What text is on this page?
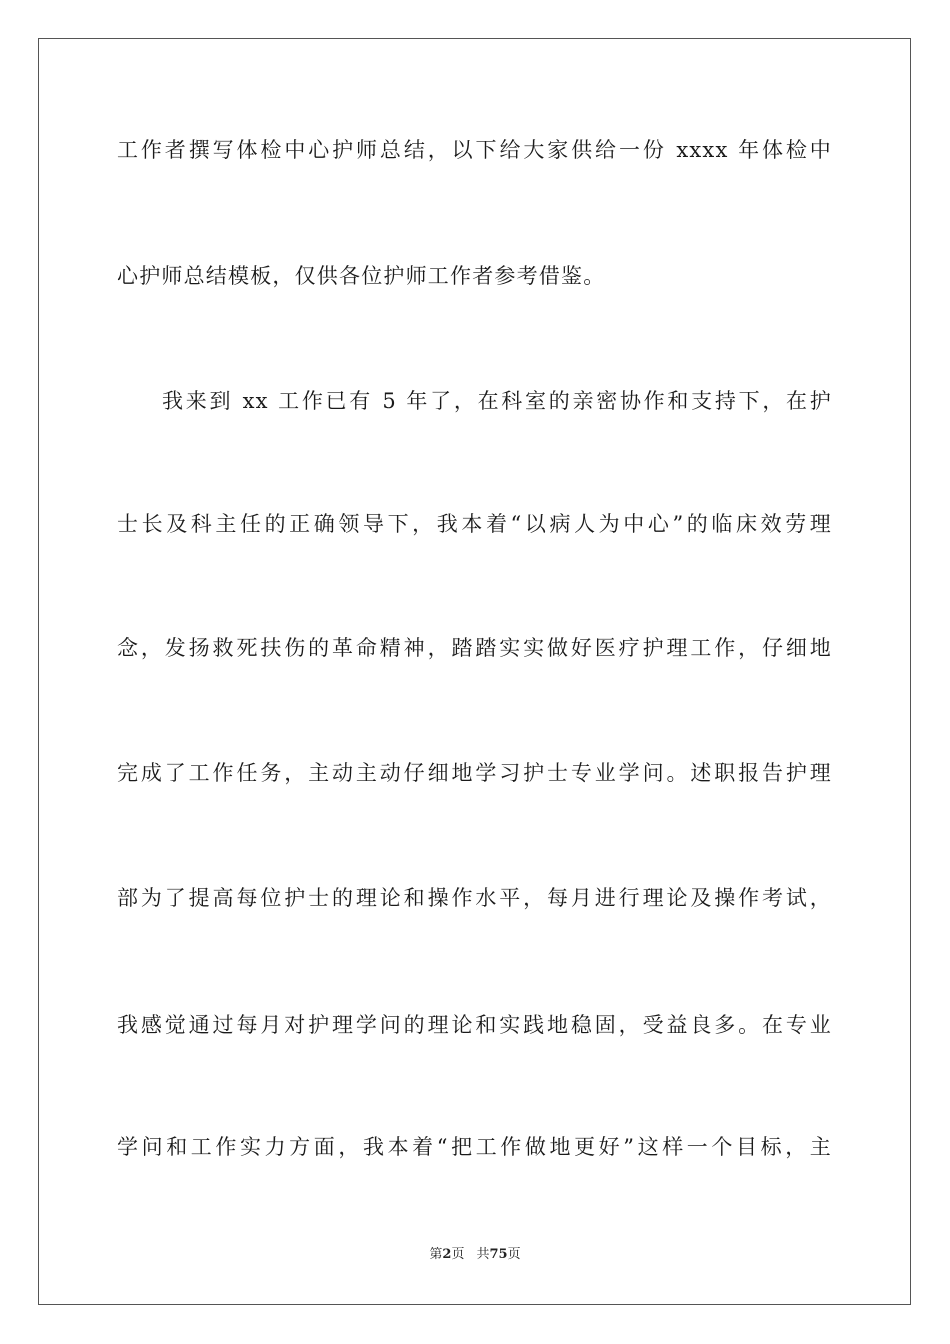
工作者撰写体检中心护师总结，以下给大家供给一份 xxxx 年体检中
心护师总结模板，仅供各位护师工作者参考借鉴。
我来到 xx 工作已有 5 年了，在科室的亲密协作和支持下，在护
士长及科主任的正确领导下，我本着“以病人为中心”的临床效劳理
念，发扬救死扶伤的革命精神，踏踏实实做好医疗护理工作，仔细地
完成了工作任务，主动主动仔细地学习护士专业学问。述职报告护理
部为了提高每位护士的理论和操作水平，每月进行理论及操作考试，
我感觉通过每月对护理学问的理论和实践地稳固，受益良多。在专业
学问和工作实力方面，我本着“把工作做地更好”这样一个目标，主
第2页 共75页
